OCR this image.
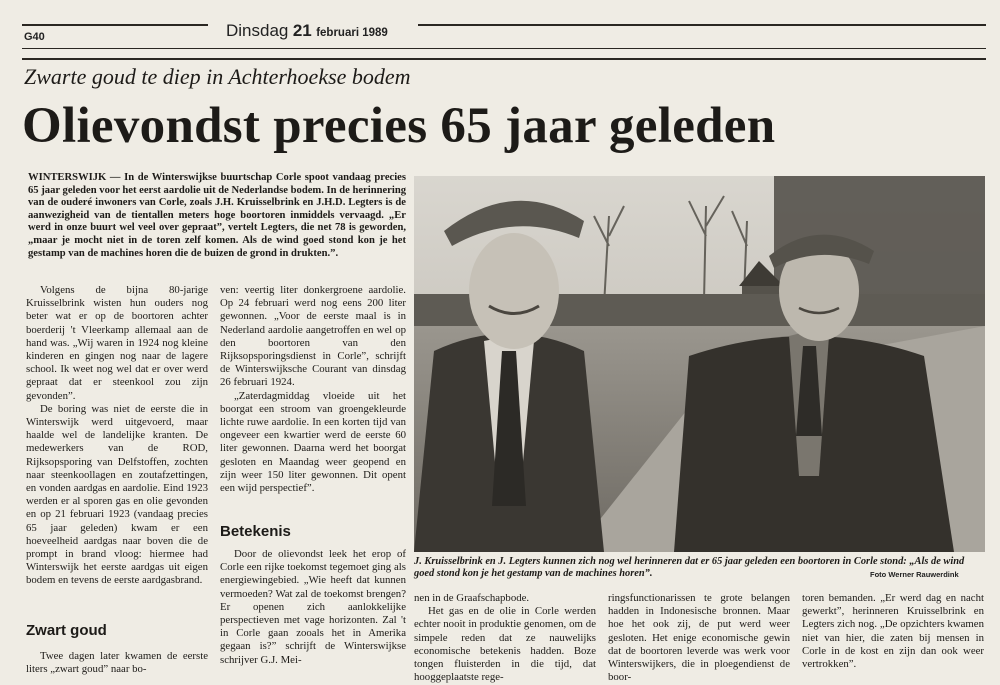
G40	Dinsdag 21 februari 1989
Zwarte goud te diep in Achterhoekse bodem
Olievondst precies 65 jaar geleden
WINTERSWIJK — In de Winterswijkse buurtschap Corle spoot vandaag precies 65 jaar geleden voor het eerst aardolie uit de Nederlandse bodem. In de herinnering van de ouderé inwoners van Corle, zoals J.H. Kruisselbrink en J.H.D. Legters is de aanwezigheid van de tientallen meters hoge boortoren inmiddels vervaagd. „Er werd in onze buurt wel veel over gepraat”, vertelt Legters, die net 78 is geworden, „maar je mocht niet in de toren zelf komen. Als de wind goed stond kon je het gestamp van de machines horen die de buizen de grond in drukten.”.

Volgens de bijna 80-jarige Kruisselbrink wisten hun ouders nog beter wat er op de boortoren achter boerderij 't Vleerkamp allemaal aan de hand was. „Wij waren in 1924 nog kleine kinderen en gingen nog naar de lagere school. Ik weet nog wel dat er over werd gepraat dat er steenkool zou zijn gevonden”.

De boring was niet de eerste die in Winterswijk werd uitgevoerd, maar haalde wel de landelijke kranten. De medewerkers van de ROD, Rijksopsporing van Delfstoffen, zochten naar steenkoollagen en zoutafzettingen, en vonden aardgas en aardolie. Eind 1923 werden er al sporen gas en olie gevonden en op 21 februari 1923 (vandaag precies 65 jaar geleden) kwam er een hoeveelheid aardgas naar boven die de prompt in brand vloog: hiermee had Winterswijk het eerste aardgas uit eigen bodem en tevens de eerste aardgasbrand.

Zwart goud

Twee dagen later kwamen de eerste liters „zwart goud” naar bo-

ven: veertig liter donkergroene aardolie. Op 24 februari werd nog eens 200 liter gewonnen. „Voor de eerste maal is in Nederland aardolie aangetroffen en wel op den boortoren van den Rijksopsporingsdienst in Corle”, schrijft de Winterswijksche Courant van dinsdag 26 februari 1924.

„Zaterdagmiddag vloeide uit het boorgat een stroom van groengekleurde lichte ruwe aardolie. In een korten tijd van ongeveer een kwartier werd de eerste 60 liter gewonnen. Daarna werd het boorgat gesloten en Maandag weer geopend en zijn weer 150 liter gewonnen. Dit opent een wijd perspectief”.

Betekenis

Door de olievondst leek het erop of Corle een rijke toekomst tegemoet ging als energiewingebied. „Wie heeft dat kunnen vermoeden? Wat zal de toekomst brengen? Er openen zich aanlokkelijke perspectieven met vage horizonten. Zal 't in Corle gaan zooals het in Amerika gegaan is?” schrijft de Winterswijkse schrijver G.J. Mei-

J. Kruisselbrink en J. Legters kunnen zich nog wel herinneren dat er 65 jaar geleden een boortoren in Corle stond: „Als de wind goed stond kon je het gestamp van de machines horen”.	Foto Werner Rauwerdink

nen in de Graafschapbode.

Het gas en de olie in Corle werden echter nooit in produktie genomen, om de simpele reden dat ze nauwelijks economische betekenis hadden. Boze tongen fluisterden in die tijd, dat hooggeplaatste rege-

ringsfunctionarissen te grote belangen hadden in Indonesische bronnen. Maar hoe het ook zij, de put werd weer gesloten. Het enige economische gewin dat de boortoren leverde was werk voor Winterswijkers, die in ploegendienst de boor-

toren bemanden. „Er werd dag en nacht gewerkt”, herinneren Kruisselbrink en Legters zich nog. „De opzichters kwamen niet van hier, die zaten bij mensen in Corle in de kost en zijn dan ook weer vertrokken”.
